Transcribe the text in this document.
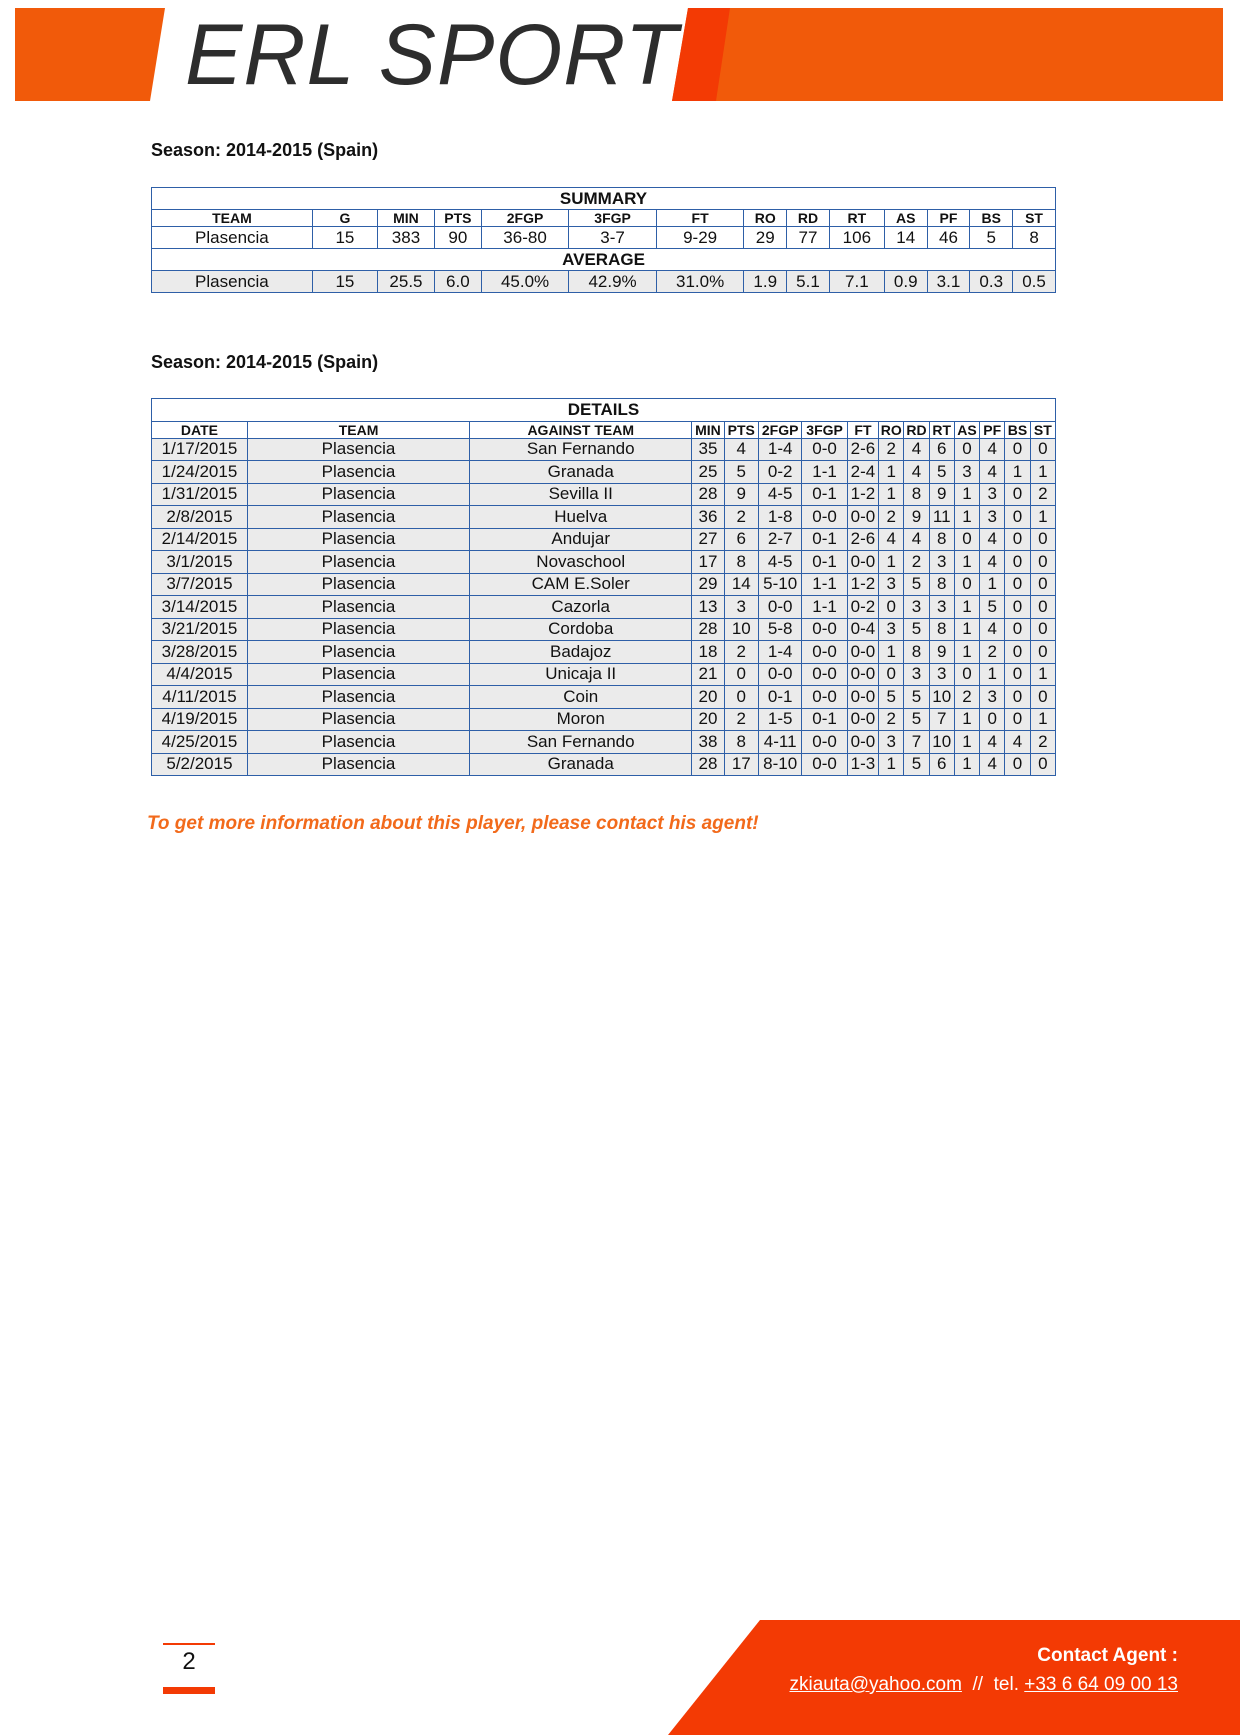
ERL SPORT
Season: 2014-2015 (Spain)
SUMMARY													
TEAM	G	MIN	PTS	2FGP	3FGP	FT	RO	RD	RT	AS	PF	BS	ST
Plasencia	15	383	90	36-80	3-7	9-29	29	77	106	14	46	5	8
AVERAGE													
Plasencia	15	25.5	6.0	45.0%	42.9%	31.0%	1.9	5.1	7.1	0.9	3.1	0.3	0.5
Season: 2014-2015 (Spain)
DETAILS														
DATE	TEAM	AGAINST TEAM	MIN	PTS	2FGP	3FGP	FT	RO	RD	RT	AS	PF	BS	ST
1/17/2015	Plasencia	San Fernando	35	4	1-4	0-0	2-6	2	4	6	0	4	0	0
1/24/2015	Plasencia	Granada	25	5	0-2	1-1	2-4	1	4	5	3	4	1	1
1/31/2015	Plasencia	Sevilla II	28	9	4-5	0-1	1-2	1	8	9	1	3	0	2
2/8/2015	Plasencia	Huelva	36	2	1-8	0-0	0-0	2	9	11	1	3	0	1
2/14/2015	Plasencia	Andujar	27	6	2-7	0-1	2-6	4	4	8	0	4	0	0
3/1/2015	Plasencia	Novaschool	17	8	4-5	0-1	0-0	1	2	3	1	4	0	0
3/7/2015	Plasencia	CAM E.Soler	29	14	5-10	1-1	1-2	3	5	8	0	1	0	0
3/14/2015	Plasencia	Cazorla	13	3	0-0	1-1	0-2	0	3	3	1	5	0	0
3/21/2015	Plasencia	Cordoba	28	10	5-8	0-0	0-4	3	5	8	1	4	0	0
3/28/2015	Plasencia	Badajoz	18	2	1-4	0-0	0-0	1	8	9	1	2	0	0
4/4/2015	Plasencia	Unicaja II	21	0	0-0	0-0	0-0	0	3	3	0	1	0	1
4/11/2015	Plasencia	Coin	20	0	0-1	0-0	0-0	5	5	10	2	3	0	0
4/19/2015	Plasencia	Moron	20	2	1-5	0-1	0-0	2	5	7	1	0	0	1
4/25/2015	Plasencia	San Fernando	38	8	4-11	0-0	0-0	3	7	10	1	4	4	2
5/2/2015	Plasencia	Granada	28	17	8-10	0-0	1-3	1	5	6	1	4	0	0
To get more information about this player, please contact his agent!
2	Contact Agent :
zkiauta@yahoo.com // tel. +33 6 64 09 00 13
